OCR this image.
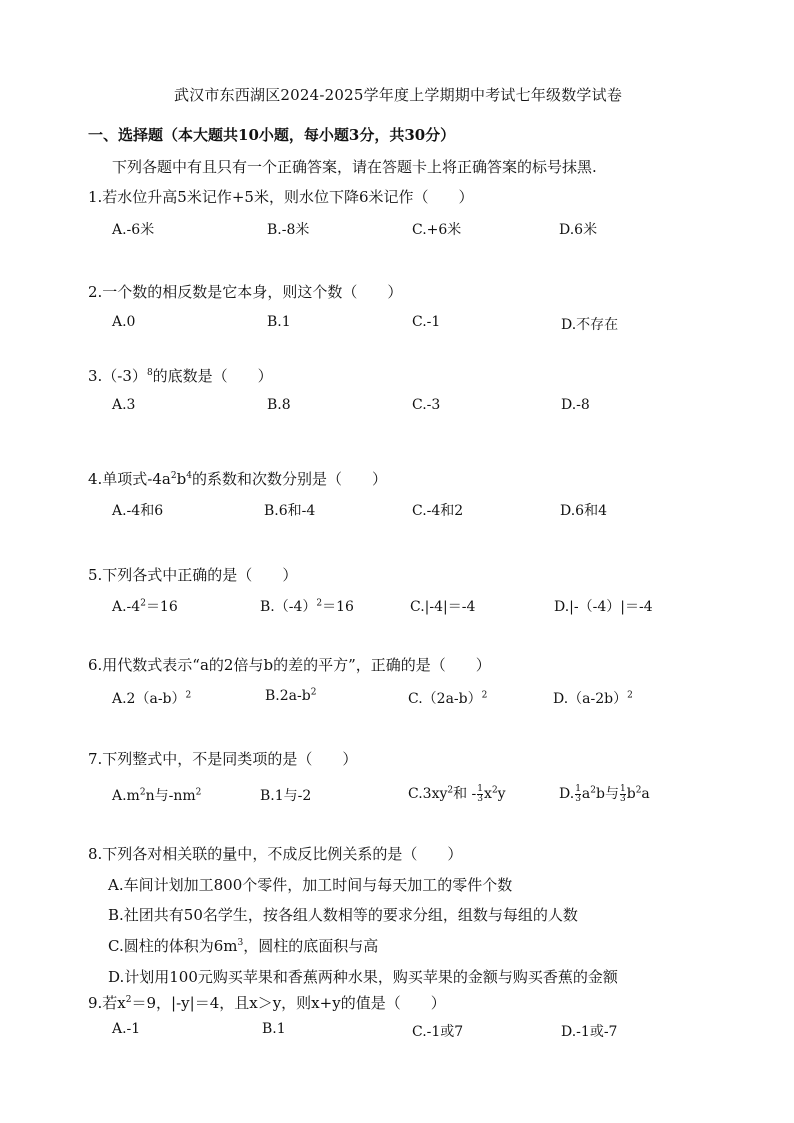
武汉市东西湖区2024-2025学年度上学期期中考试七年级数学试卷
一、选择题（本大题共10小题，每小题3分，共30分）
下列各题中有且只有一个正确答案，请在答题卡上将正确答案的标号抹黑.
1.若水位升高5米记作+5米，则水位下降6米记作（　　）
A.-6米	B.-8米	C.+6米	D.6米
2.一个数的相反数是它本身，则这个数（　　）
A.0	B.1	C.-1	D.不存在
$3.(-3)^8$的底数是（　　）
A.3	B.8	C.-3	D.-8
4.单项式$-4a^2b^4$的系数和次数分别是（　　）
A.-4和6	B.6和-4	C.-4和2	D.6和4
5.下列各式中正确的是（　　）
$A.-4^2=16$	$B.(-4)^2=16$	C.|-4|＝-4	D.|-（-4）|＝-4
6.用代数式表示“a的2倍与b的差的平方”，正确的是（　　）
$A.2(a-b)^2$	$B.2a-b^2$	$C.(2a-b)^2$	$D.(a-2b)^2$
7.下列整式中，不是同类项的是（　　）
$A.m^2n$与$-nm^2$	B.1与-2	$C.3xy^2$和 - $\frac{1}{3} x^2y$	D. $\frac{1}{3} a^2b$与 $\frac{1}{3} b^2a$
8.下列各对相关联的量中，不成反比例关系的是（　　）
A.车间计划加工800个零件，加工时间与每天加工的零件个数
B.社团共有50名学生，按各组人数相等的要求分组，组数与每组的人数
C.圆柱的体积为$6m^3$，圆柱的底面积与高
D.计划用100元购买苹果和香蕉两种水果，购买苹果的金额与购买香蕉的金额
9.若$x^2=9$，|-y|＝4，且x＞y，则x+y的值是（　　）
A.-1	B.1	C.-1或7	D.-1或-7
